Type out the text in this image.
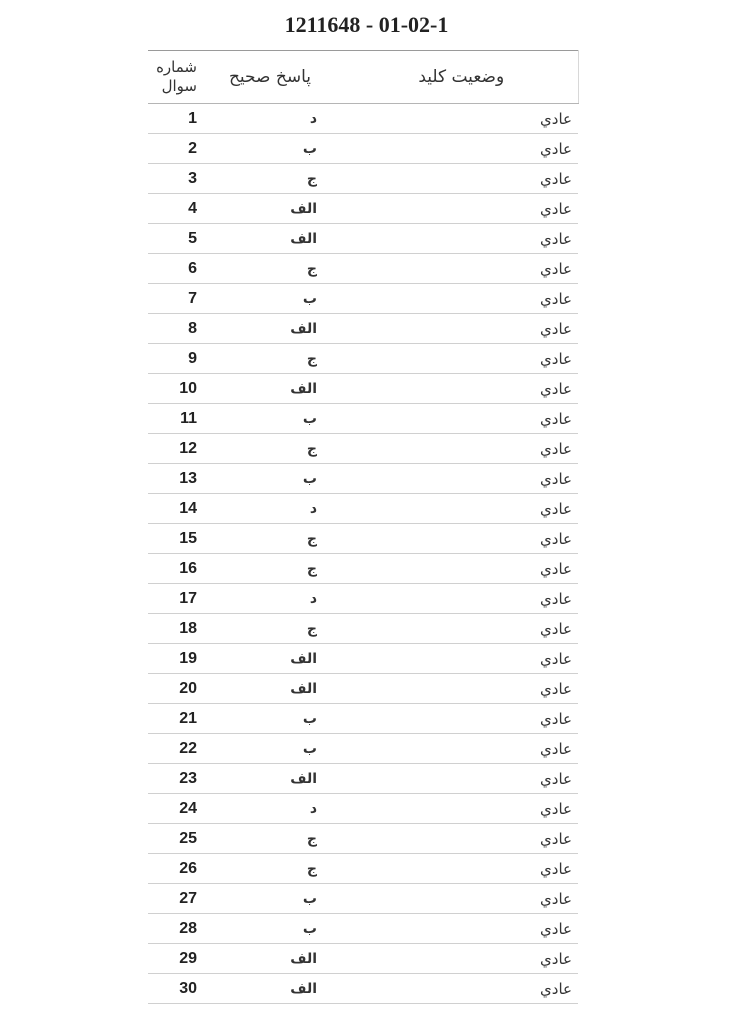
1211648 - 01-02-1
شماره سوال	پاسخ صحیح	وضعیت کلید
1	د	عادي
2	ب	عادي
3	ج	عادي
4	الف	عادي
5	الف	عادي
6	ج	عادي
7	ب	عادي
8	الف	عادي
9	ج	عادي
10	الف	عادي
11	ب	عادي
12	ج	عادي
13	ب	عادي
14	د	عادي
15	ج	عادي
16	ج	عادي
17	د	عادي
18	ج	عادي
19	الف	عادي
20	الف	عادي
21	ب	عادي
22	ب	عادي
23	الف	عادي
24	د	عادي
25	ج	عادي
26	ج	عادي
27	ب	عادي
28	ب	عادي
29	الف	عادي
30	الف	عادي
